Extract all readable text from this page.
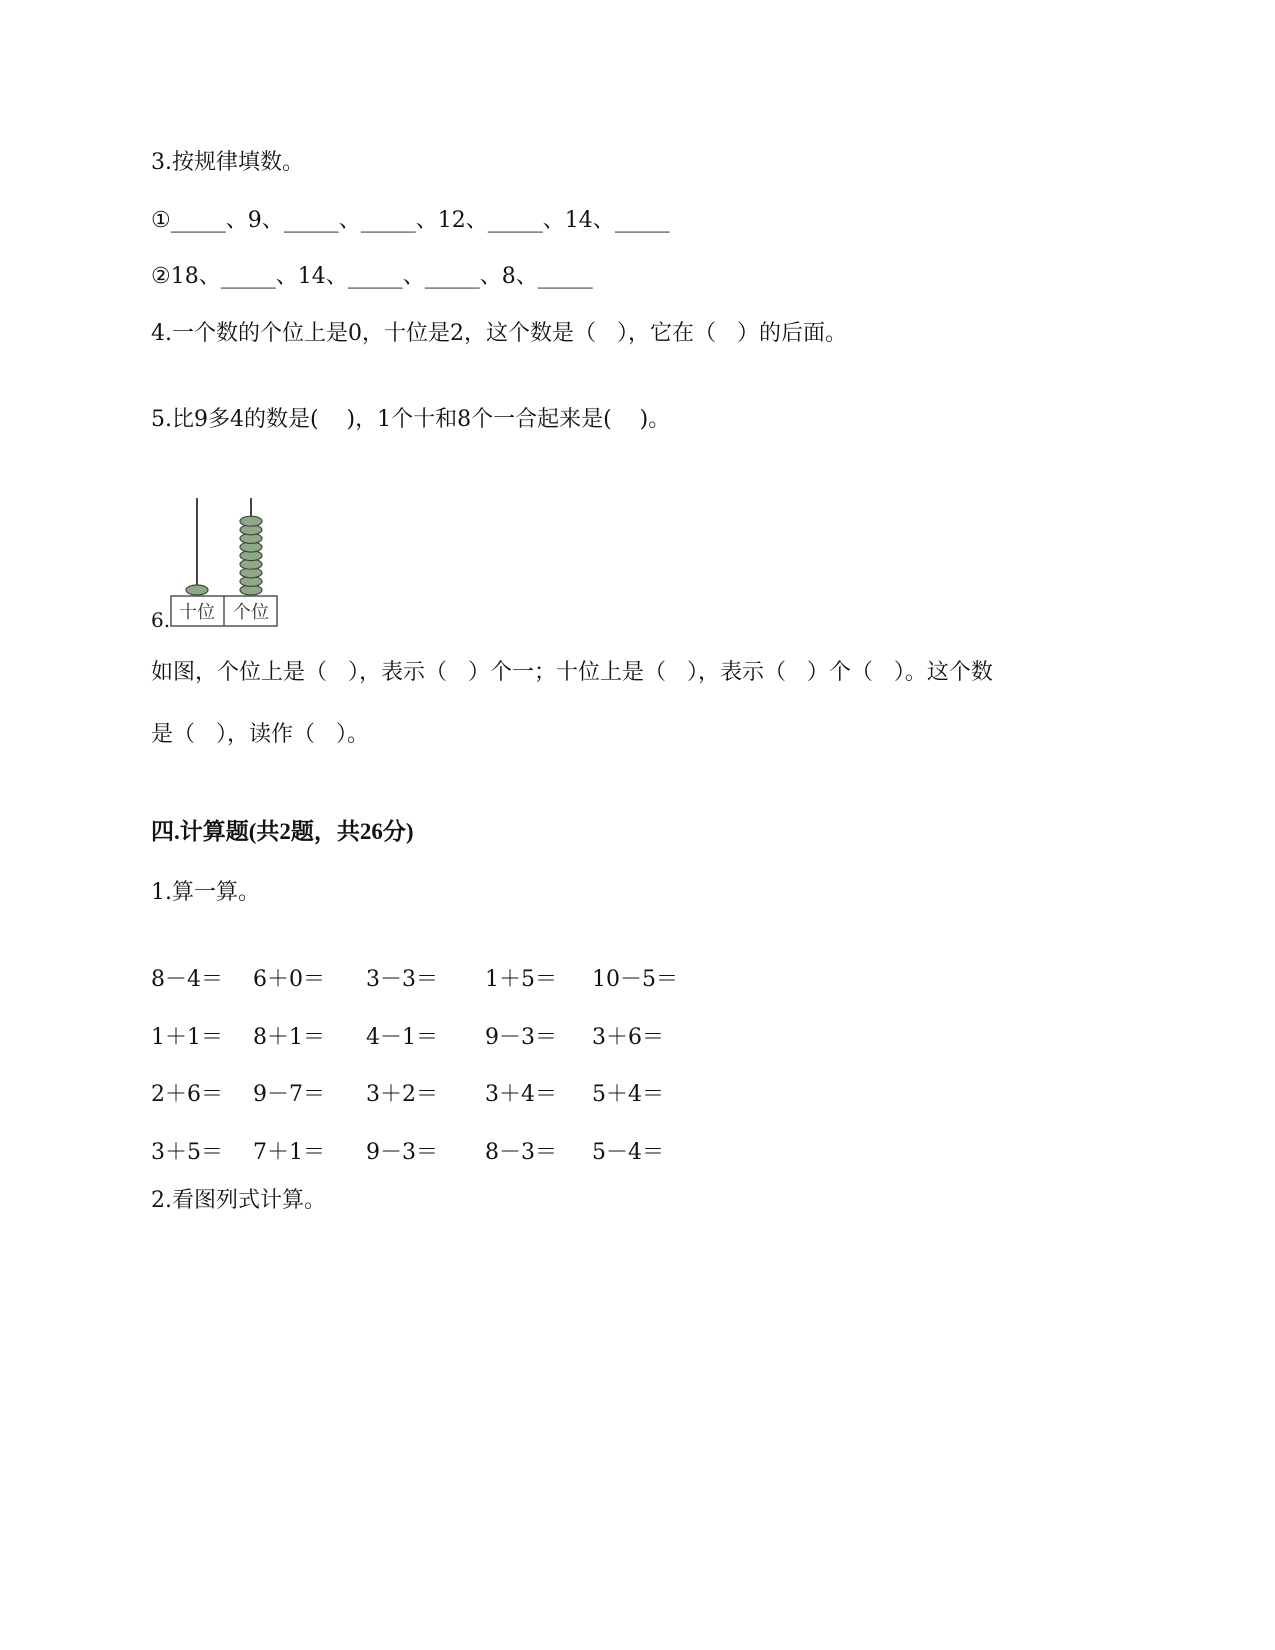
3.按规律填数。
①_____、9、_____、_____、12、_____、14、_____
②18、_____、14、_____、_____、8、_____
4.一个数的个位上是0，十位是2，这个数是（   ），它在（   ）的后面。
5.比9多4的数是(    )，1个十和8个一合起来是(    )。
十位 个位
6.
如图，个位上是（   ），表示（   ）个一；十位上是（   ），表示（   ）个（   ）。这个数
是（   ），读作（   ）。
四.计算题(共2题，共26分)
1.算一算。
8－4＝ 6＋0＝ 3－3＝ 1＋5＝ 10－5＝
1＋1＝ 8＋1＝ 4－1＝ 9－3＝ 3＋6＝
2＋6＝ 9－7＝ 3＋2＝ 3＋4＝ 5＋4＝
3＋5＝ 7＋1＝ 9－3＝ 8－3＝ 5－4＝
2.看图列式计算。
